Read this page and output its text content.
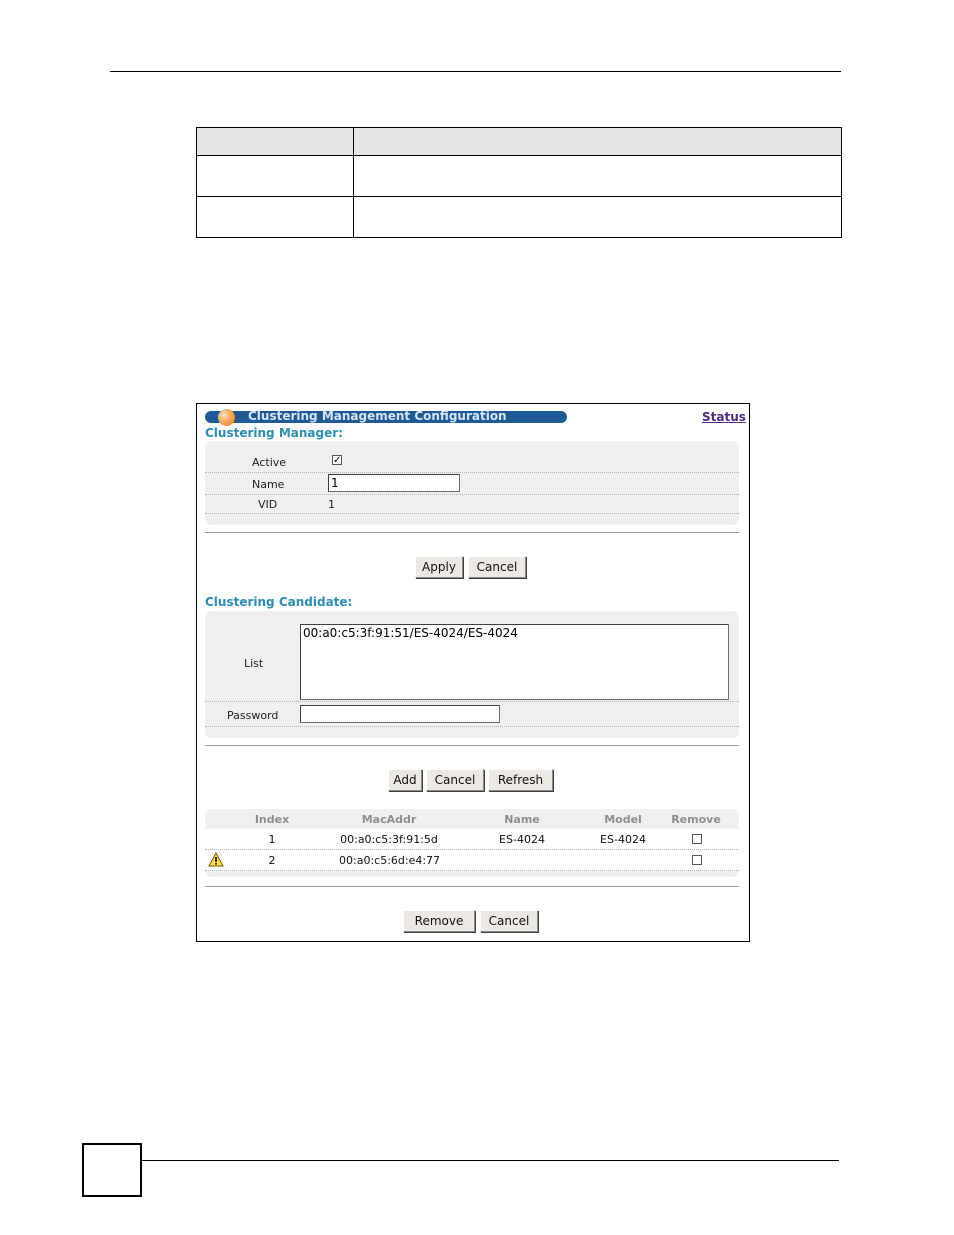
Clustering Management Configuration	Status
Clustering Manager:
Active	✓
Name	1
VID	1
Apply	Cancel
Clustering Candidate:
List
00:a0:c5:3f:91:51/ES-4024/ES-4024
Password
Add	Cancel	Refresh
Index	MacAddr	Name	Model	Remove
1	00:a0:c5:3f:91:5d	ES-4024	ES-4024
2	00:a0:c5:6d:e4:77
Remove	Cancel
